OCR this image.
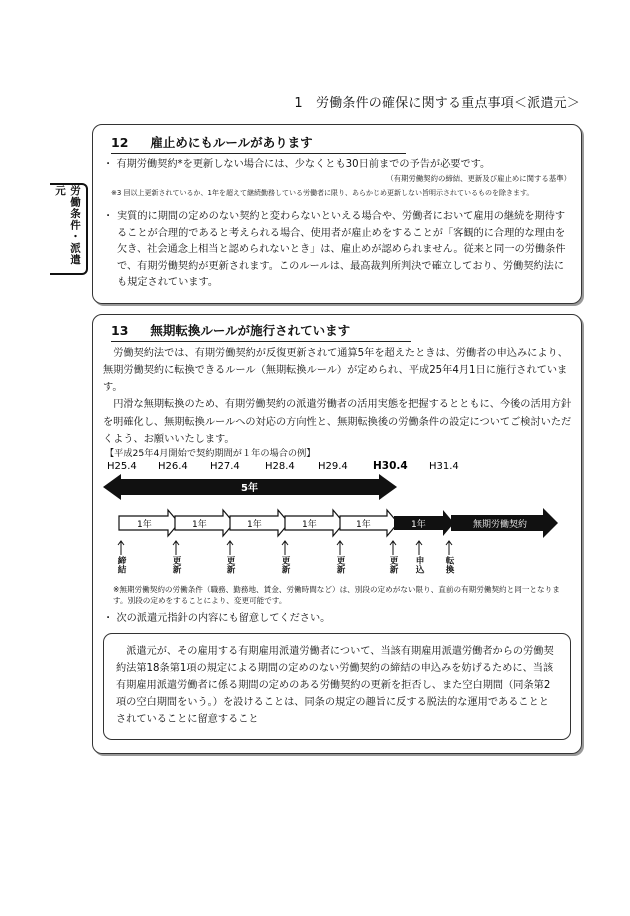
1　労働条件の確保に関する重点事項＜派遣元＞
労働条件・派遣元
12 雇止めにもルールがあります
・ 有期労働契約*を更新しない場合には、少なくとも30日前までの予告が必要です。
（有期労働契約の締結、更新及び雇止めに関する基準）
※3 回以上更新されているか、1年を超えて継続勤務している労働者に限り、あらかじめ更新しない旨明示されているものを除きます。
・ 実質的に期間の定めのない契約と変わらないといえる場合や、労働者において雇用の継続を期待することが合理的であると考えられる場合、使用者が雇止めをすることが「客観的に合理的な理由を欠き、社会通念上相当と認められないとき」は、雇止めが認められません。従来と同一の労働条件で、有期労働契約が更新されます。このルールは、最高裁判所判決で確立しており、労働契約法にも規定されています。
13 無期転換ルールが施行されています

労働契約法では、有期労働契約が反復更新されて通算5年を超えたときは、労働者の申込みにより、無期労働契約に転換できるルール（無期転換ルール）が定められ、平成25年4月1日に施行されています。

円滑な無期転換のため、有期労働契約の派遣労働者の活用実態を把握するとともに、今後の活用方針を明確化し、無期転換ルールへの対応の方向性と、無期転換後の労働条件の設定についてご検討いただくよう、お願いいたします。

【平成25年4月開始で契約期間が１年の場合の例】
H25.4 H26.4 H27.4	H28.4 H29.4 H30.4 H31.4
5年
1年	1年	1年	1年	1年	1年	無期労働契約
締結	更新	更新	更新	更新	更新 申込 転換
※無期労働契約の労働条件（職務、勤務地、賃金、労働時間など）は、別段の定めがない限り、直前の有期労働契約と同一となります。別段の定めをすることにより、変更可能です。
・ 次の派遣元指針の内容にも留意してください。
派遣元が、その雇用する有期雇用派遣労働者について、当該有期雇用派遣労働者からの労働契約法第18条第1項の規定による期間の定めのない労働契約の締結の申込みを妨げるために、当該有期雇用派遣労働者に係る期間の定めのある労働契約の更新を拒否し、また空白期間（同条第2項の空白期間をいう。）を設けることは、同条の規定の趣旨に反する脱法的な運用であることとされていることに留意すること
